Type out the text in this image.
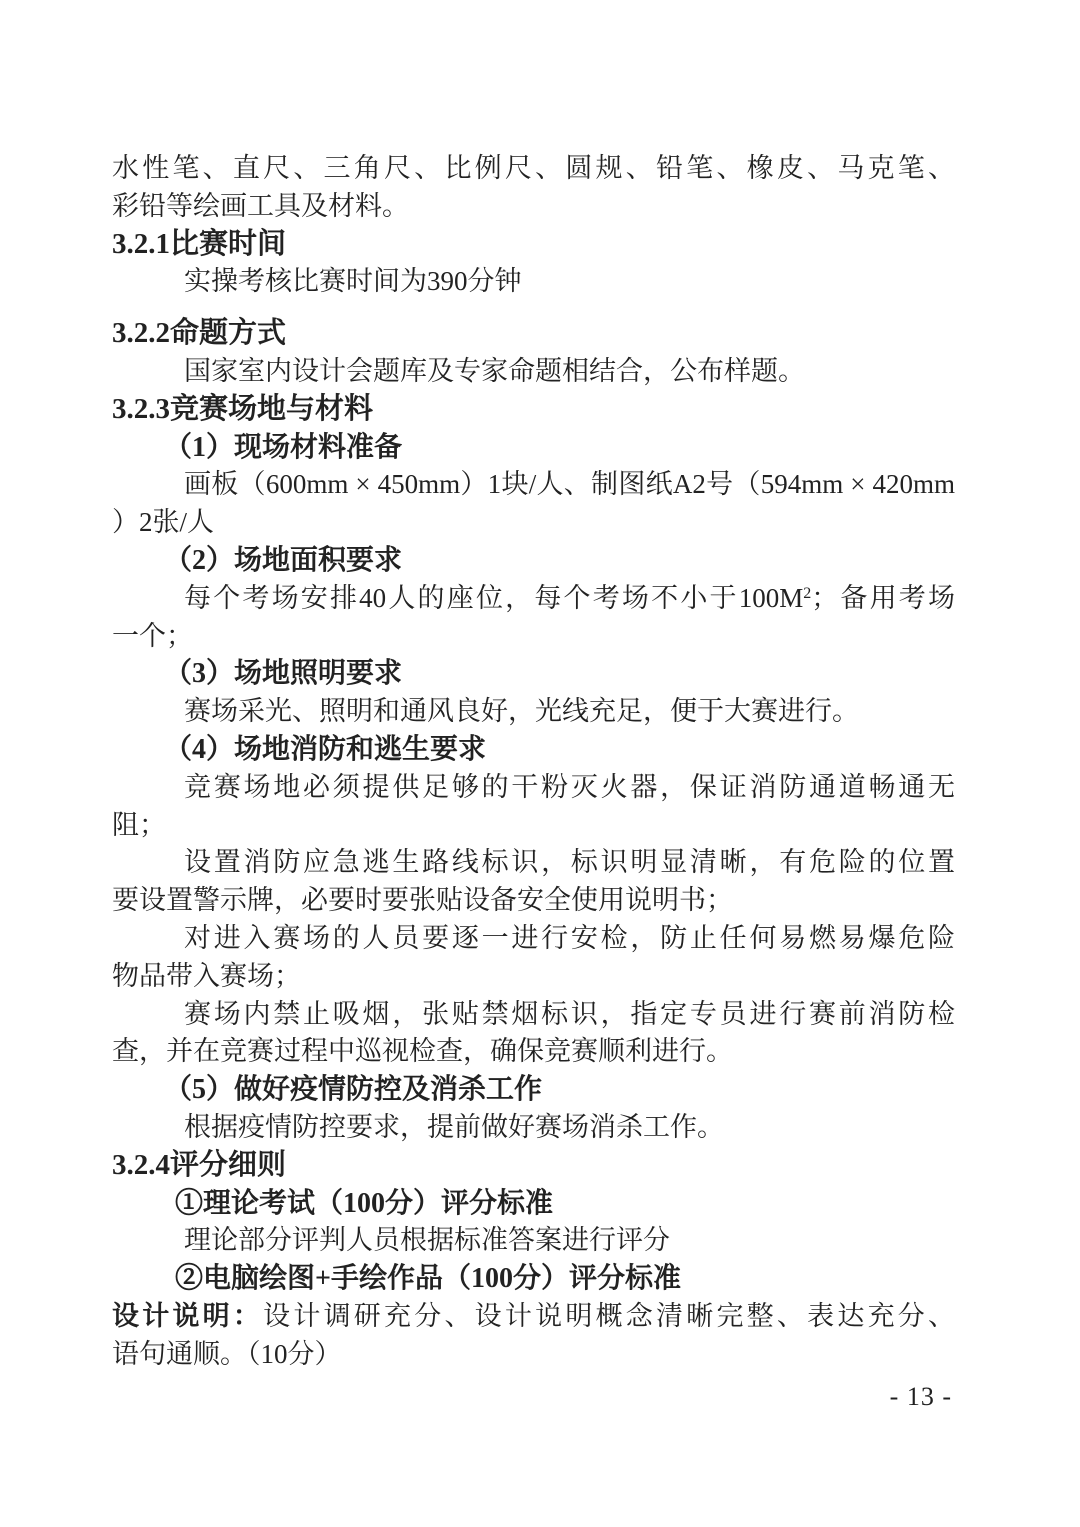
水性笔、直尺、三角尺、比例尺、圆规、铅笔、橡皮、马克笔、
彩铅等绘画工具及材料。
3.2.1比赛时间
实操考核比赛时间为390分钟
3.2.2命题方式
国家室内设计会题库及专家命题相结合，公布样题。
3.2.3竞赛场地与材料
（1）现场材料准备
画板（600mm × 450mm）1块/人、制图纸A2号（594mm × 420mm
）2张/人
（2）场地面积要求
每个考场安排40人的座位，每个考场不小于$100M^2$；备用考场
一个；
（3）场地照明要求
赛场采光、照明和通风良好，光线充足，便于大赛进行。
（4）场地消防和逃生要求
竞赛场地必须提供足够的干粉灭火器，保证消防通道畅通无
阻；
设置消防应急逃生路线标识，标识明显清晰，有危险的位置
要设置警示牌，必要时要张贴设备安全使用说明书；
对进入赛场的人员要逐一进行安检，防止任何易燃易爆危险
物品带入赛场；
赛场内禁止吸烟，张贴禁烟标识，指定专员进行赛前消防检
查，并在竞赛过程中巡视检查，确保竞赛顺利进行。
（5）做好疫情防控及消杀工作
根据疫情防控要求，提前做好赛场消杀工作。
3.2.4评分细则
①理论考试（100分）评分标准
理论部分评判人员根据标准答案进行评分
②电脑绘图+手绘作品（100分）评分标准
设计说明：设计调研充分、设计说明概念清晰完整、表达充分、
语句通顺。（10分）
- 13 -
